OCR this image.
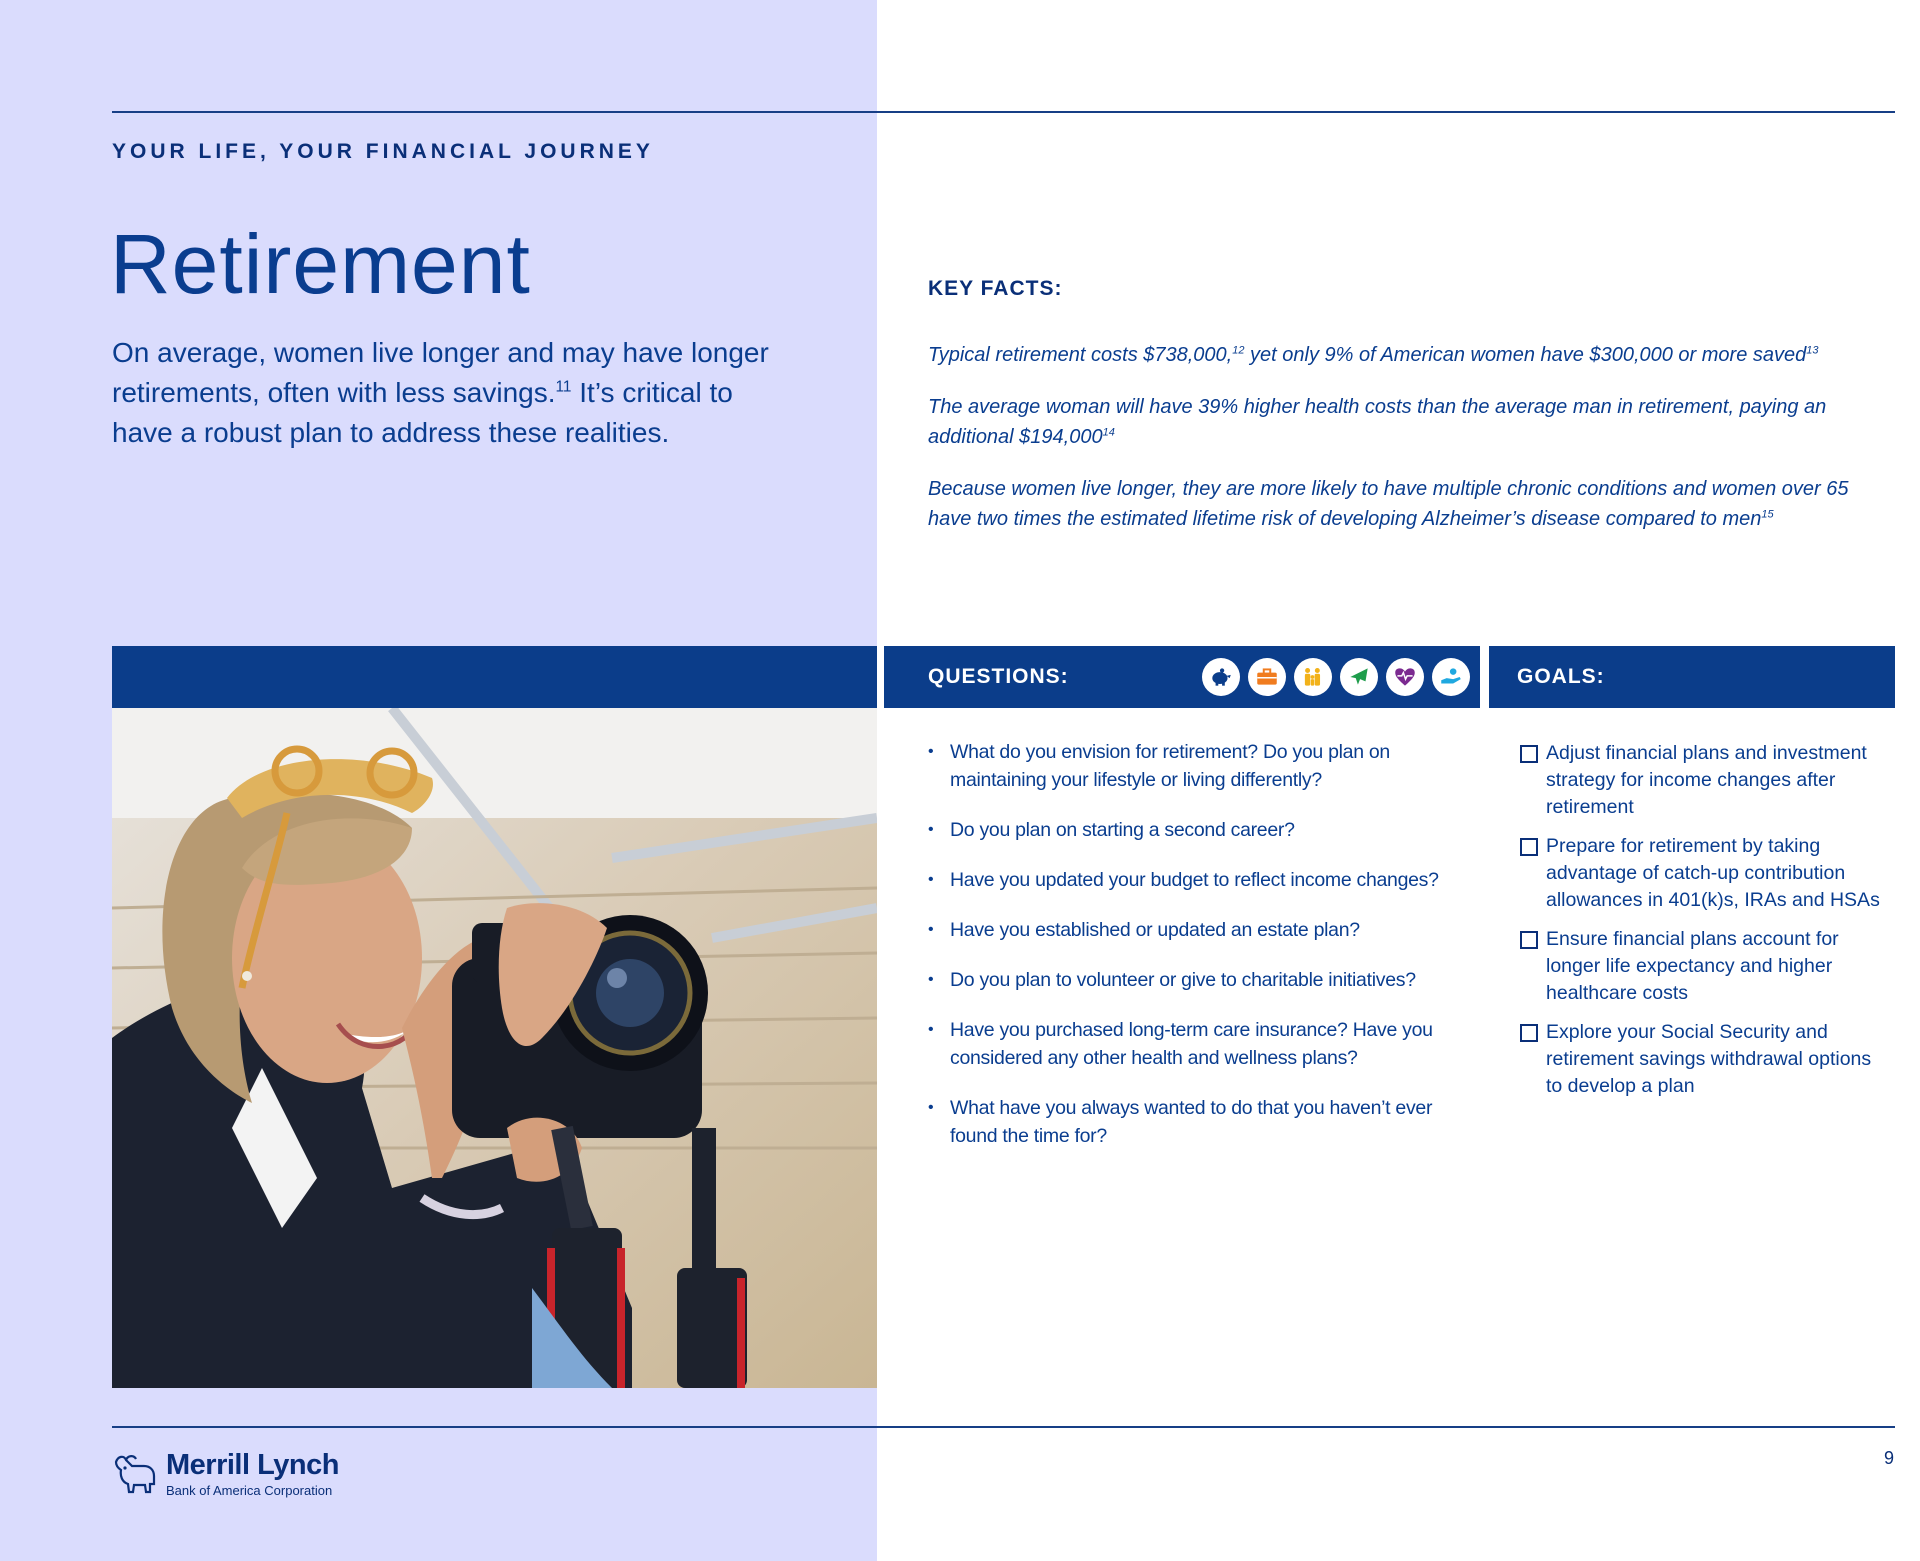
YOUR LIFE, YOUR FINANCIAL JOURNEY
Retirement

On average, women live longer and may have longer retirements, often with less savings.$^{11}$ It’s critical to have a robust plan to address these realities.

KEY FACTS:

Typical retirement costs $738,000,12 yet only 9% of American women have $300,000 or more saved$^{13}$

The average woman will have 39% higher health costs than the average man in retirement, paying an additional $194,000$^{14}$

Because women live longer, they are more likely to have multiple chronic conditions and women over 65 have two times the estimated lifetime risk of developing Alzheimer’s disease compared to men$^{15}$

QUESTIONS:	GOALS:
• What do you envision for retirement? Do you plan on maintaining your lifestyle or living differently?
• Do you plan on starting a second career?
• Have you updated your budget to reflect income changes?
• Have you established or updated an estate plan?
• Do you plan to volunteer or give to charitable initiatives?
• Have you purchased long-term care insurance? Have you considered any other health and wellness plans?
• What have you always wanted to do that you haven’t ever found the time for?
Adjust financial plans and investment strategy for income changes after retirement
Prepare for retirement by taking advantage of catch-up contribution allowances in 401(k)s, IRAs and HSAs
Ensure financial plans account for longer life expectancy and higher healthcare costs
Explore your Social Security and retirement savings withdrawal options to develop a plan
Merrill Lynch
Bank of America Corporation
9
